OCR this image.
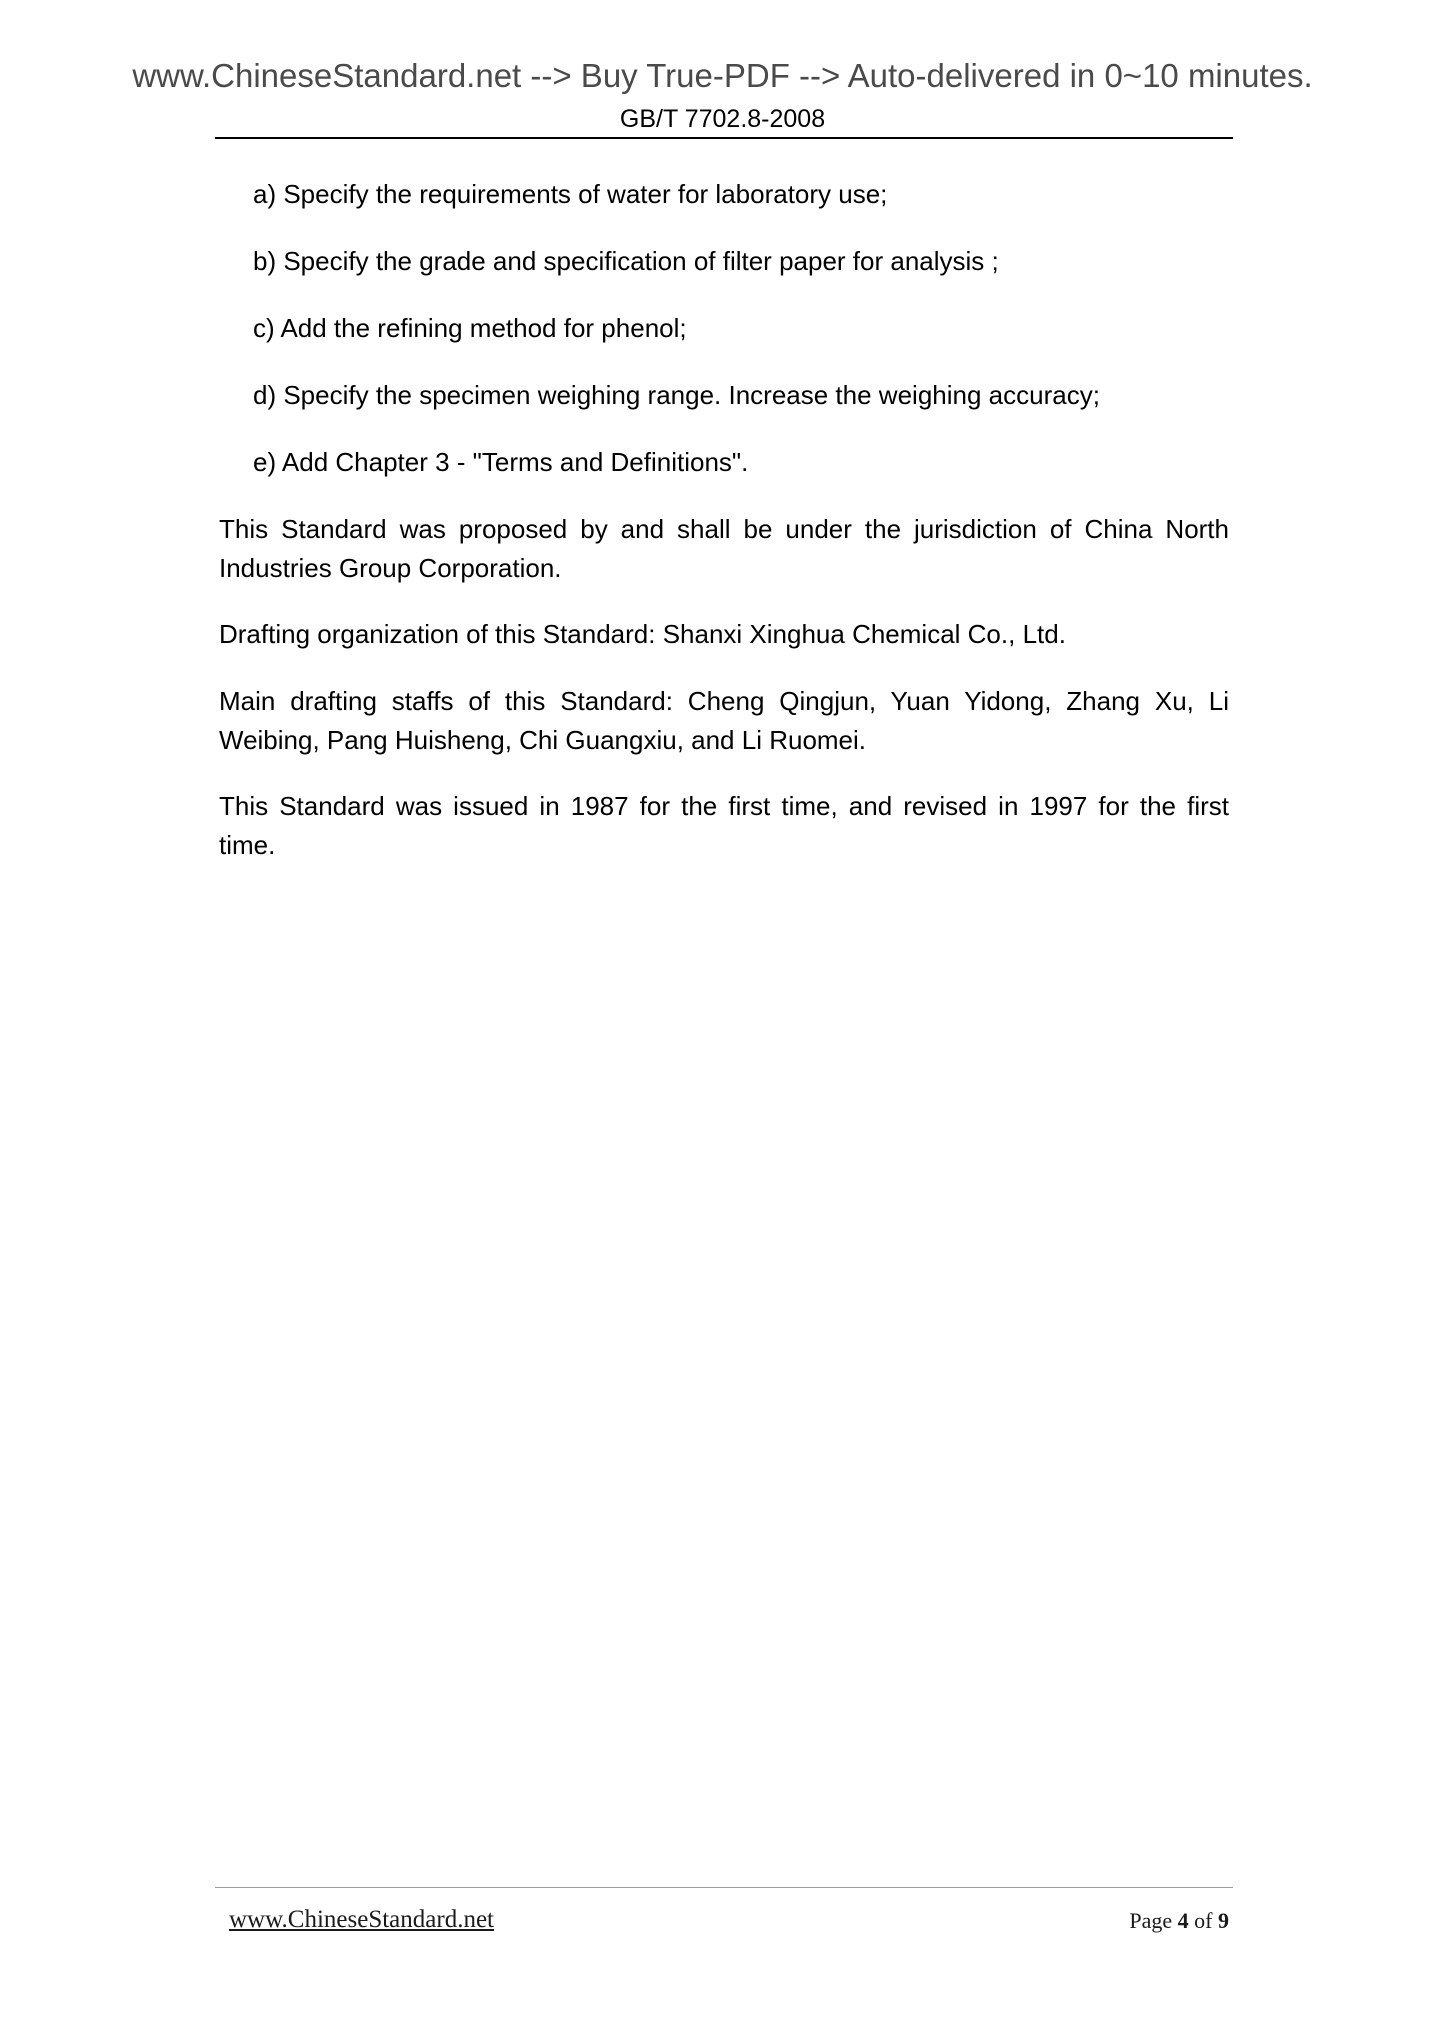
www.ChineseStandard.net --> Buy True-PDF --> Auto-delivered in 0~10 minutes.
GB/T 7702.8-2008
a) Specify the requirements of water for laboratory use;
b) Specify the grade and specification of filter paper for analysis ;
c) Add the refining method for phenol;
d) Specify the specimen weighing range. Increase the weighing accuracy;
e) Add Chapter 3 - "Terms and Definitions".

This Standard was proposed by and shall be under the jurisdiction of China North Industries Group Corporation.

Drafting organization of this Standard: Shanxi Xinghua Chemical Co., Ltd.

Main drafting staffs of this Standard: Cheng Qingjun, Yuan Yidong, Zhang Xu, Li Weibing, Pang Huisheng, Chi Guangxiu, and Li Ruomei.

This Standard was issued in 1987 for the first time, and revised in 1997 for the first time.

www.ChineseStandard.net	Page 4 of 9
